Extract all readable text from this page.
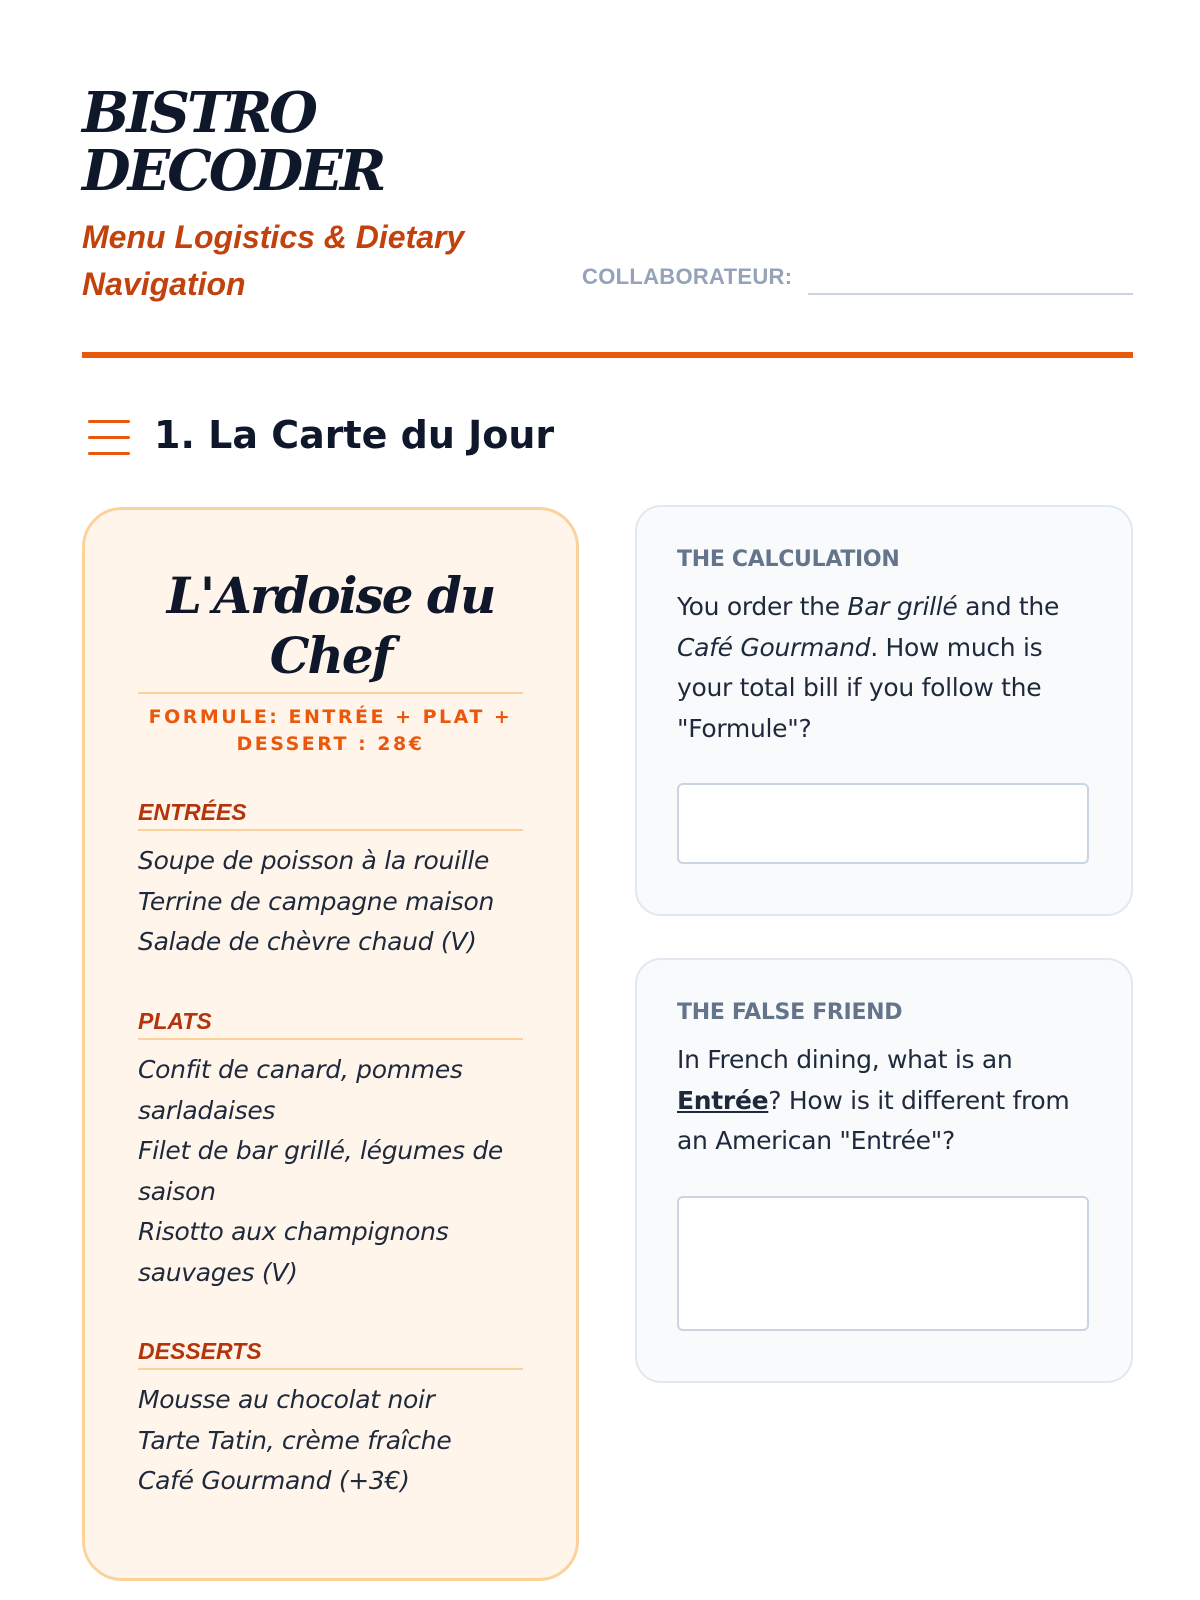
BISTRO
DECODER

Menu Logistics & Dietary Navigation	COLLABORATEUR:
1. La Carte du Jour
L'Ardoise du Chef
FORMULE: ENTRÉE + PLAT + DESSERT : 28€
ENTRÉES
Soupe de poisson à la rouille
Terrine de campagne maison
Salade de chèvre chaud (V)
PLATS
Confit de canard, pommes sarladaises
Filet de bar grillé, légumes de saison
Risotto aux champignons sauvages (V)
DESSERTS
Mousse au chocolat noir
Tarte Tatin, crème fraîche
Café Gourmand (+3€)
THE CALCULATION

You order the Bar grillé and the Café Gourmand. How much is your total bill if you follow the "Formule"?

THE FALSE FRIEND

In French dining, what is an Entrée? How is it different from an American "Entrée"?
